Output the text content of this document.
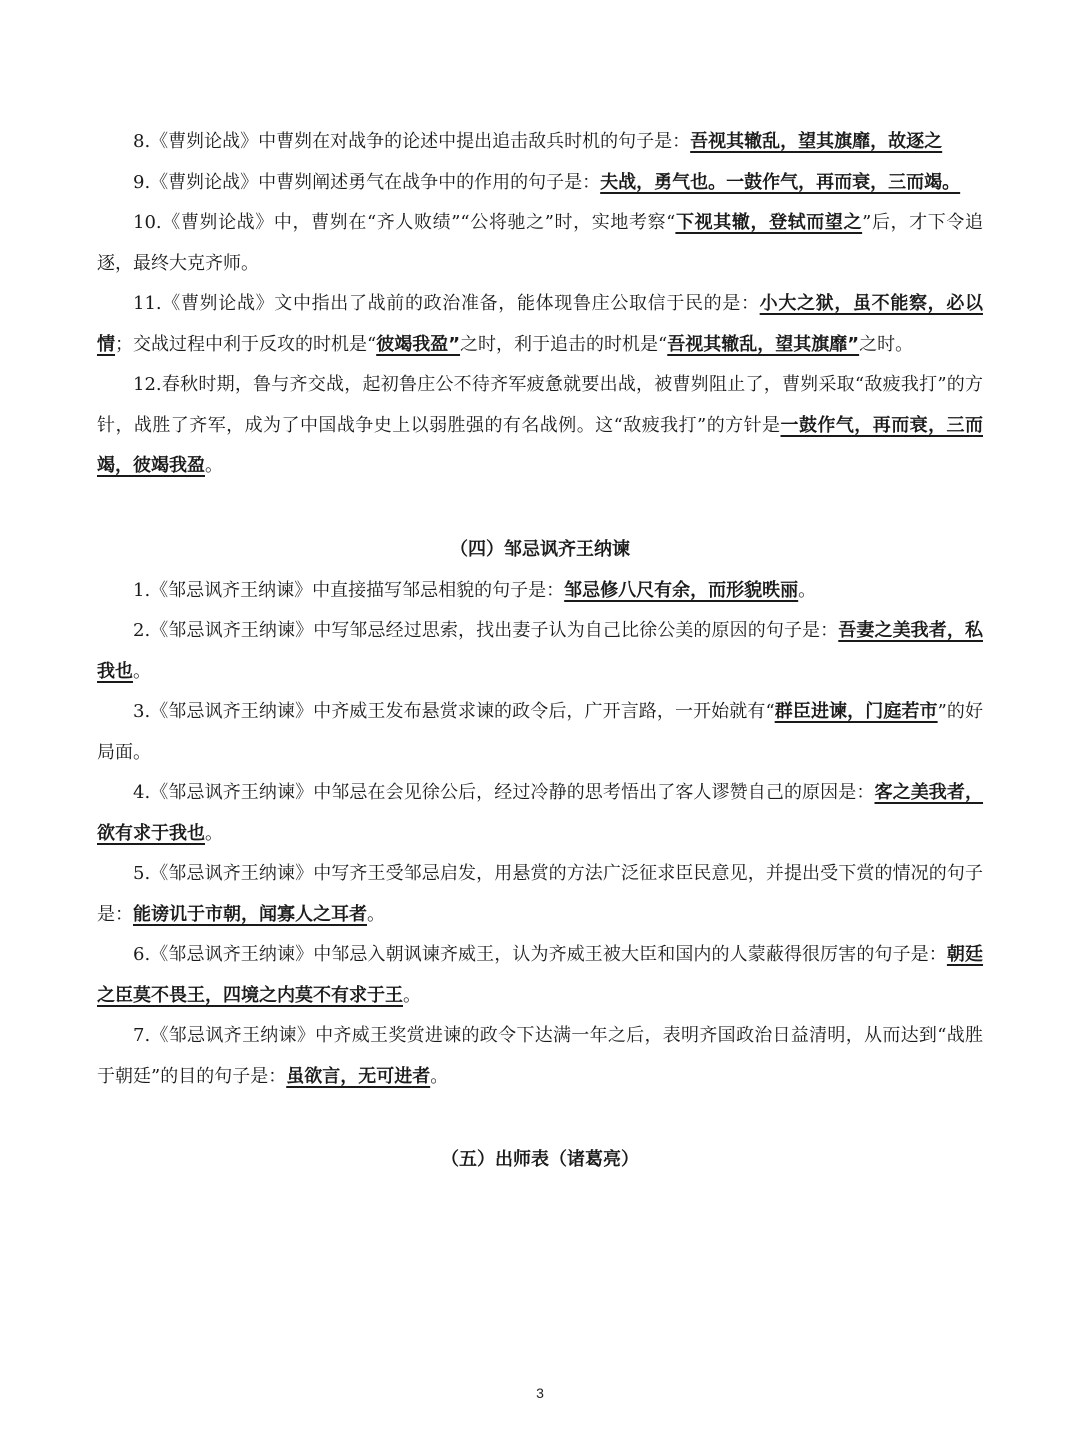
8.《曹刿论战》中曹刿在对战争的论述中提出追击敌兵时机的句子是：吾视其辙乱，望其旗靡，故逐之

9.《曹刿论战》中曹刿阐述勇气在战争中的作用的句子是：夫战，勇气也。一鼓作气，再而衰，三而竭。

10.《曹刿论战》中，曹刿在“齐人败绩”“公将驰之”时，实地考察“下视其辙，登轼而望之”后，才下令追逐，最终大克齐师。

11.《曹刿论战》文中指出了战前的政治准备，能体现鲁庄公取信于民的是：小大之狱，虽不能察，必以情；交战过程中利于反攻的时机是“彼竭我盈”之时，利于追击的时机是“吾视其辙乱，望其旗靡”之时。

12.春秋时期，鲁与齐交战，起初鲁庄公不待齐军疲惫就要出战，被曹刿阻止了，曹刿采取“敌疲我打”的方针，战胜了齐军，成为了中国战争史上以弱胜强的有名战例。这“敌疲我打”的方针是一鼓作气，再而衰，三而竭，彼竭我盈。

（四）邹忌讽齐王纳谏

1.《邹忌讽齐王纳谏》中直接描写邹忌相貌的句子是：邹忌修八尺有余，而形貌昳丽。

2.《邹忌讽齐王纳谏》中写邹忌经过思索，找出妻子认为自己比徐公美的原因的句子是：吾妻之美我者，私我也。

3.《邹忌讽齐王纳谏》中齐威王发布悬赏求谏的政令后，广开言路，一开始就有“群臣进谏，门庭若市”的好局面。

4.《邹忌讽齐王纳谏》中邹忌在会见徐公后，经过冷静的思考悟出了客人谬赞自己的原因是：客之美我者，欲有求于我也。

5.《邹忌讽齐王纳谏》中写齐王受邹忌启发，用悬赏的方法广泛征求臣民意见，并提出受下赏的情况的句子是：能谤讥于市朝，闻寡人之耳者。

6.《邹忌讽齐王纳谏》中邹忌入朝讽谏齐威王，认为齐威王被大臣和国内的人蒙蔽得很厉害的句子是：朝廷之臣莫不畏王，四境之内莫不有求于王。

7.《邹忌讽齐王纳谏》中齐威王奖赏进谏的政令下达满一年之后，表明齐国政治日益清明，从而达到“战胜于朝廷”的目的句子是：虽欲言，无可进者。

（五）出师表（诸葛亮）

3
